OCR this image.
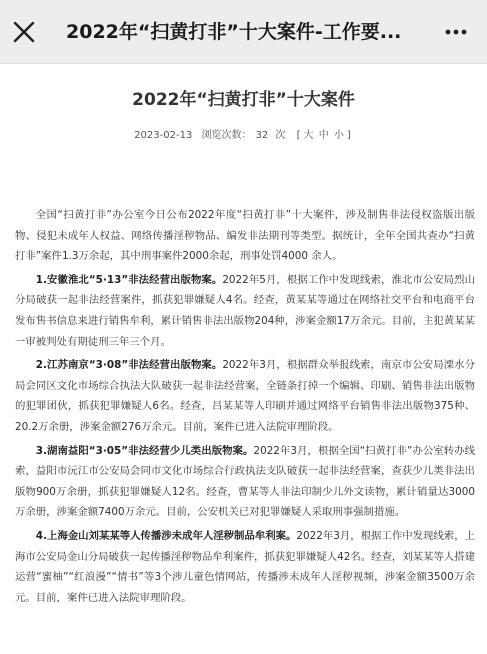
2022年“扫黄打非”十大案件-工作要...
2022年“扫黄打非”十大案件
2023-02-13 浏览次数： 32 次 [ 大 中 小 ]

全国“扫黄打非”办公室今日公布2022年度“扫黄打非”十大案件，涉及制售非法侵权盗版出版物、侵犯未成年人权益、网络传播淫秽物品、编发非法期刊等类型。据统计，全年全国共查办“扫黄打非”案件1.3万余起，其中刑事案件2000余起，刑事处罚4000 余人。

1.安徽淮北“5·13”非法经营出版物案。2022年5月，根据工作中发现线索，淮北市公安局烈山分局破获一起非法经营案件，抓获犯罪嫌疑人4名。经查，黄某某等通过在网络社交平台和电商平台发布售书信息来进行销售牟利，累计销售非法出版物204种，涉案金额17万余元。目前，主犯黄某某一审被判处有期徒刑三年三个月。

2.江苏南京“3·08”非法经营出版物案。2022年3月，根据群众举报线索，南京市公安局溧水分局会同区文化市场综合执法大队破获一起非法经营案，全链条打掉一个编辑、印刷、销售非法出版物的犯罪团伙，抓获犯罪嫌疑人6名。经查，吕某某等人印刷并通过网络平台销售非法出版物375种、20.2万余册，涉案金额276万余元。目前，案件已进入法院审理阶段。

3.湖南益阳“3·05”非法经营少儿类出版物案。2022年3月，根据全国“扫黄打非”办公室转办线索，益阳市沅江市公安局会同市文化市场综合行政执法支队破获一起非法经营案，查获少儿类非法出版物900万余册，抓获犯罪嫌疑人12名。经查，曹某等人非法印制少儿外文读物，累计销量达3000万余册，涉案金额7400万余元。目前，公安机关已对犯罪嫌疑人采取刑事强制措施。

4.上海金山刘某某等人传播涉未成年人淫秽制品牟利案。2022年3月，根据工作中发现线索，上海市公安局金山分局破获一起传播淫秽物品牟利案件，抓获犯罪嫌疑人42名。经查，刘某某等人搭建运营“蜜柚”“红浪漫”“情书”等3个涉儿童色情网站，传播涉未成年人淫秽视频，涉案金额3500万余元。目前，案件已进入法院审理阶段。
